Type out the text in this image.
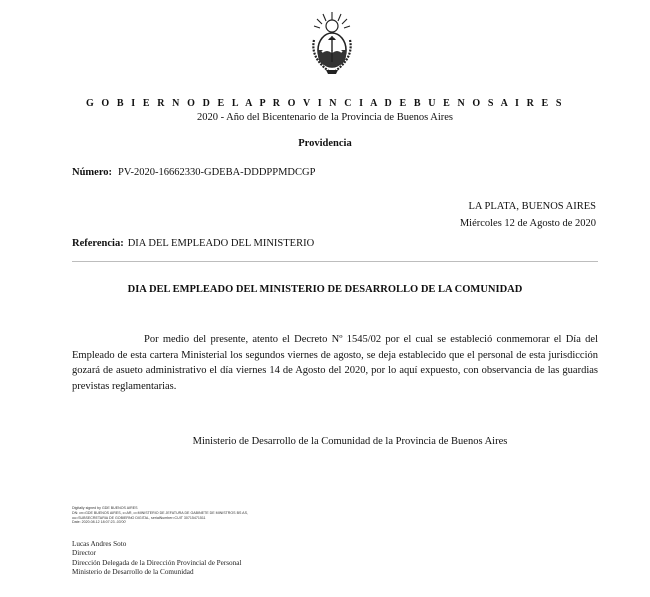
G O B I E R N O D E L A P R O V I N C I A D E B U E N O S A I R E S
2020 - Año del Bicentenario de la Provincia de Buenos Aires
Providencia
Número: PV-2020-16662330-GDEBA-DDDPPMDCGP
LA PLATA, BUENOS AIRES
Miércoles 12 de Agosto de 2020
Referencia: DIA DEL EMPLEADO DEL MINISTERIO
DIA DEL EMPLEADO DEL MINISTERIO DE DESARROLLO DE LA COMUNIDAD

Por medio del presente, atento el Decreto Nº 1545/02 por el cual se estableció conmemorar el Día del Empleado de esta cartera Ministerial los segundos viernes de agosto, se deja establecido que el personal de esta jurisdicción gozará de asueto administrativo el día viernes 14 de Agosto del 2020, por lo aquí expuesto, con observancia de las guardias previstas reglamentarias.

Ministerio de Desarrollo de la Comunidad de la Provincia de Buenos Aires
Digitally signed by GDE BUENOS AIRES
DN: cn=GDE BUENOS AIRES, c=AR, o=MINISTERIO DE JEFATURA DE GABINETE DE MINISTROS BS AS,
ou=SUBSECRETARIA DE GOBIERNO DIGITAL, serialNumber=CUIT 30715471511
Date: 2020.08.12 18:07:23 -03'00'
Lucas Andres Soto
Director
Dirección Delegada de la Dirección Provincial de Personal
Ministerio de Desarrollo de la Comunidad
